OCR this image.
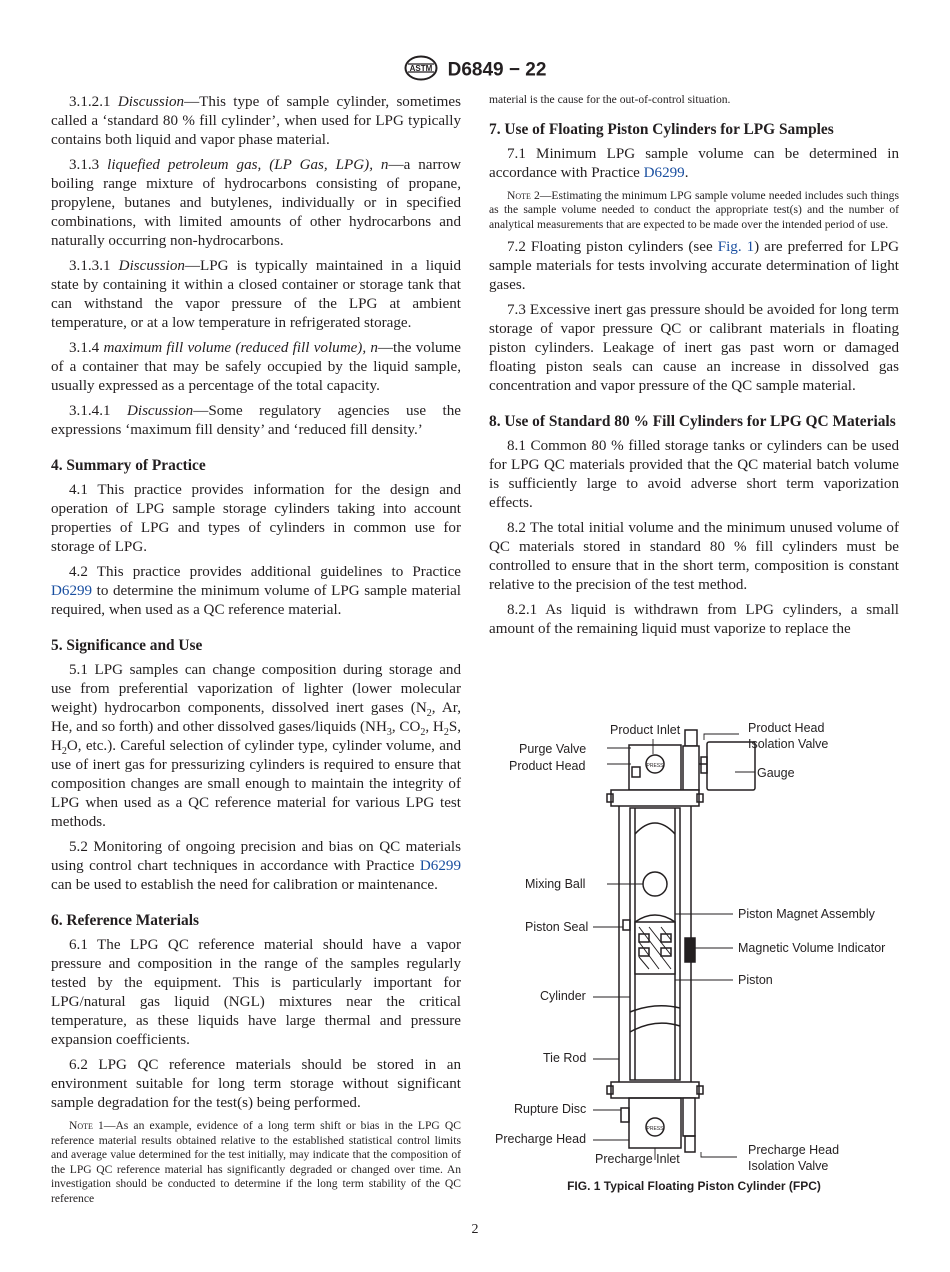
ASTM D6849 − 22

3.1.2.1 Discussion—This type of sample cylinder, sometimes called a ‘standard 80 % fill cylinder’, when used for LPG typically contains both liquid and vapor phase material.

3.1.3 liquefied petroleum gas, (LP Gas, LPG), n—a narrow boiling range mixture of hydrocarbons consisting of propane, propylene, butanes and butylenes, individually or in specified combinations, with limited amounts of other hydrocarbons and naturally occurring non-hydrocarbons.

3.1.3.1 Discussion—LPG is typically maintained in a liquid state by containing it within a closed container or storage tank that can withstand the vapor pressure of the LPG at ambient temperature, or at a low temperature in refrigerated storage.

3.1.4 maximum fill volume (reduced fill volume), n—the volume of a container that may be safely occupied by the liquid sample, usually expressed as a percentage of the total capacity.

3.1.4.1 Discussion—Some regulatory agencies use the expressions ‘maximum fill density’ and ‘reduced fill density.’

4. Summary of Practice

4.1 This practice provides information for the design and operation of LPG sample storage cylinders taking into account properties of LPG and types of cylinders in common use for storage of LPG.

4.2 This practice provides additional guidelines to Practice D6299 to determine the minimum volume of LPG sample material required, when used as a QC reference material.

5. Significance and Use

5.1 LPG samples can change composition during storage and use from preferential vaporization of lighter (lower molecular weight) hydrocarbon components, dissolved inert gases ($N_2$, Ar, He, and so forth) and other dissolved gases/liquids ($NH_3$, $CO_2$, $H_2S$, $H_2O$, etc.). Careful selection of cylinder type, cylinder volume, and use of inert gas for pressurizing cylinders is required to ensure that composition changes are small enough to maintain the integrity of LPG when used as a QC reference material for various LPG test methods.

5.2 Monitoring of ongoing precision and bias on QC materials using control chart techniques in accordance with Practice D6299 can be used to establish the need for calibration or maintenance.

6. Reference Materials

6.1 The LPG QC reference material should have a vapor pressure and composition in the range of the samples regularly tested by the equipment. This is particularly important for LPG/natural gas liquid (NGL) mixtures near the critical temperature, as these liquids have large thermal and pressure expansion coefficients.

6.2 LPG QC reference materials should be stored in an environment suitable for long term storage without significant sample degradation for the test(s) being performed.

Note 1—As an example, evidence of a long term shift or bias in the LPG QC reference material results obtained relative to the established statistical control limits and average value determined for the test initially, may indicate that the composition of the LPG QC reference material has significantly degraded or changed over time. An investigation should be conducted to determine if the long term stability of the QC reference

material is the cause for the out-of-control situation.

7. Use of Floating Piston Cylinders for LPG Samples

7.1 Minimum LPG sample volume can be determined in accordance with Practice D6299.

Note 2—Estimating the minimum LPG sample volume needed includes such things as the sample volume needed to conduct the appropriate test(s) and the number of analytical measurements that are expected to be made over the intended period of use.

7.2 Floating piston cylinders (see Fig. 1) are preferred for LPG sample materials for tests involving accurate determination of light gases.

7.3 Excessive inert gas pressure should be avoided for long term storage of vapor pressure QC or calibrant materials in floating piston cylinders. Leakage of inert gas past worn or damaged floating piston seals can cause an increase in dissolved gas concentration and vapor pressure of the QC sample material.

8. Use of Standard 80 % Fill Cylinders for LPG QC Materials

8.1 Common 80 % filled storage tanks or cylinders can be used for LPG QC materials provided that the QC material batch volume is sufficiently large to avoid adverse short term vaporization effects.

8.2 The total initial volume and the minimum unused volume of QC materials stored in standard 80 % fill cylinders must be controlled to ensure that in the short term, composition is constant relative to the precision of the test method.

8.2.1 As liquid is withdrawn from LPG cylinders, a small amount of the remaining liquid must vaporize to replace the

PRESS
PRESS
Product Inlet	Product Head
Isolation Valve
Purge Valve
Product Head	Gauge
Mixing Ball
Piston Magnet Assembly
Piston Seal
Magnetic Volume Indicator
Piston
Cylinder
Tie Rod
Rupture Disc
Precharge Head
Precharge Inlet
Precharge Head
Isolation Valve
FIG. 1 Typical Floating Piston Cylinder (FPC)
2
